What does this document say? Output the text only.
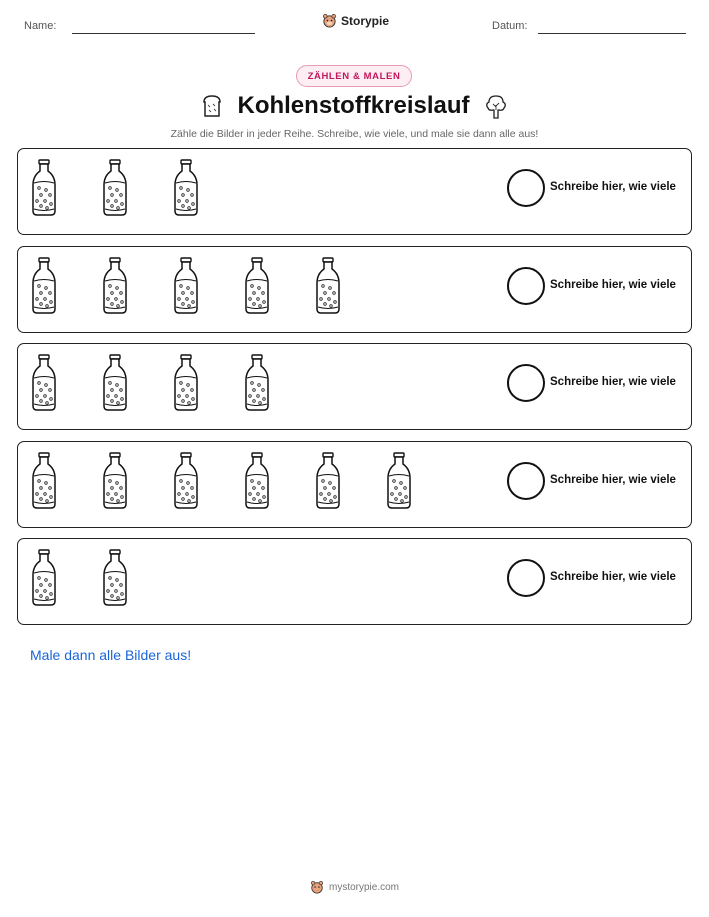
Name:	Storypie	Datum:
ZÄHLEN & MALEN
Kohlenstoffkreislauf
Zähle die Bilder in jeder Reihe. Schreibe, wie viele, und male sie dann alle aus!
Schreibe hier, wie viele
Schreibe hier, wie viele
Schreibe hier, wie viele
Schreibe hier, wie viele
Schreibe hier, wie viele
Male dann alle Bilder aus!
mystorypie.com
